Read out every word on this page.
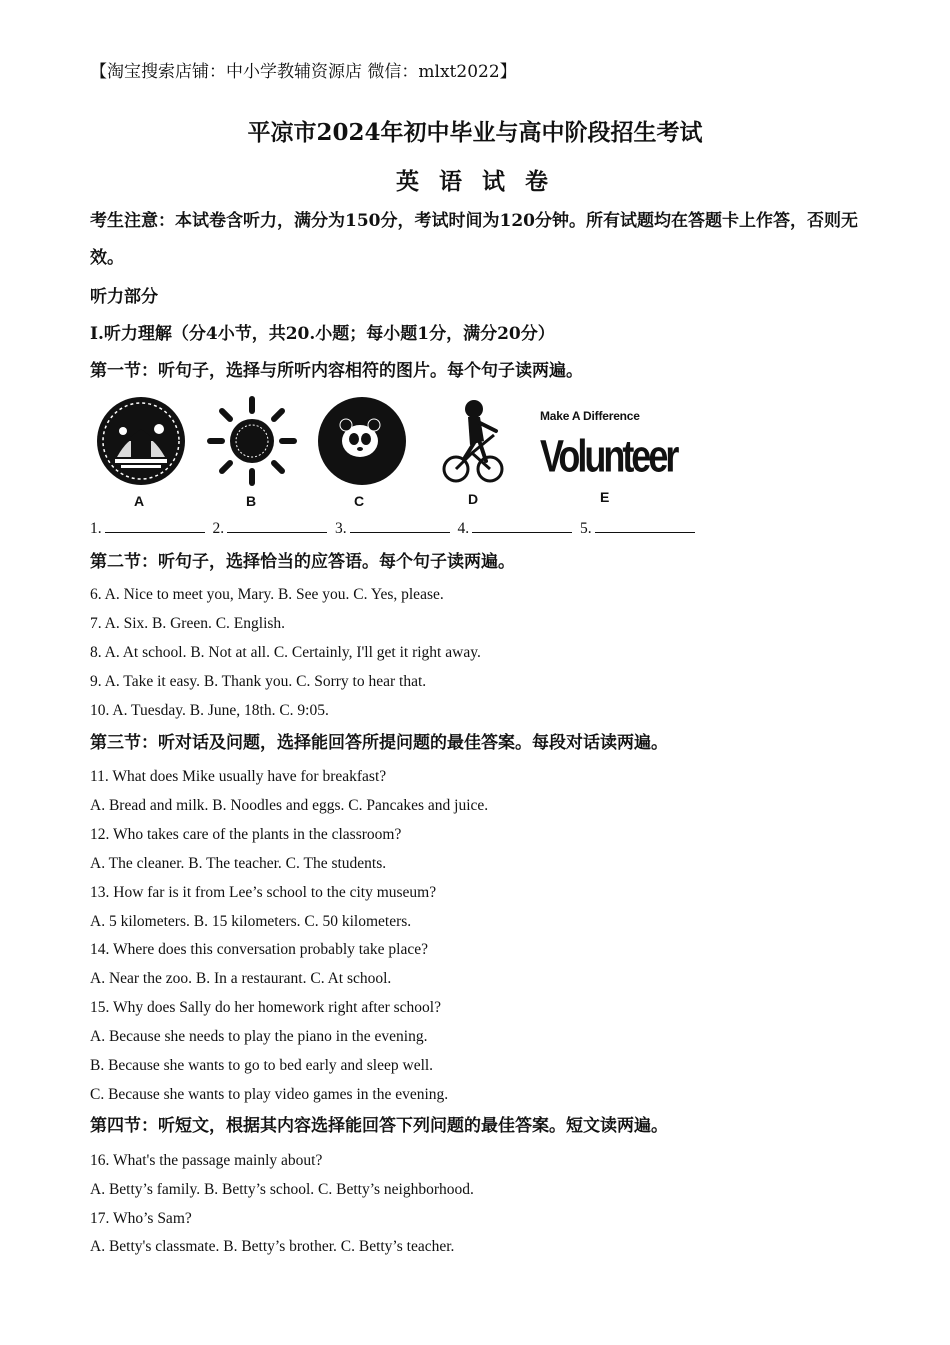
【淘宝搜索店铺：中小学教辅资源店 微信：mlxt2022】
平凉市2024年初中毕业与高中阶段招生考试
英 语 试 卷
考生注意：本试卷含听力，满分为150分，考试时间为120分钟。所有试题均在答题卡上作答，否则无效。
听力部分
Ⅰ.听力理解（分4小节，共20.小题；每小题1分，满分20分）
第一节：听句子，选择与所听内容相符的图片。每个句子读两遍。
A	B	C	D
Make A Difference
Volunteer
E
1.	2.	3.	4.	5.
第二节：听句子，选择恰当的应答语。每个句子读两遍。
6. A. Nice to meet you, Mary. B. See you. C. Yes, please.
7. A. Six. B. Green. C. English.
8. A. At school. B. Not at all. C. Certainly, I'll get it right away.
9. A. Take it easy. B. Thank you. C. Sorry to hear that.
10. A. Tuesday. B. June, 18th. C. 9:05.
第三节：听对话及问题，选择能回答所提问题的最佳答案。每段对话读两遍。
11. What does Mike usually have for breakfast?
A. Bread and milk. B. Noodles and eggs. C. Pancakes and juice.
12. Who takes care of the plants in the classroom?
A. The cleaner. B. The teacher. C. The students.
13. How far is it from Lee’s school to the city museum?
A. 5 kilometers. B. 15 kilometers. C. 50 kilometers.
14. Where does this conversation probably take place?
A. Near the zoo. B. In a restaurant. C. At school.
15. Why does Sally do her homework right after school?
A. Because she needs to play the piano in the evening.
B. Because she wants to go to bed early and sleep well.
C. Because she wants to play video games in the evening.
第四节：听短文，根据其内容选择能回答下列问题的最佳答案。短文读两遍。
16. What's the passage mainly about?
A. Betty’s family. B. Betty’s school. C. Betty’s neighborhood.
17. Who’s Sam?
A. Betty's classmate. B. Betty’s brother. C. Betty’s teacher.
